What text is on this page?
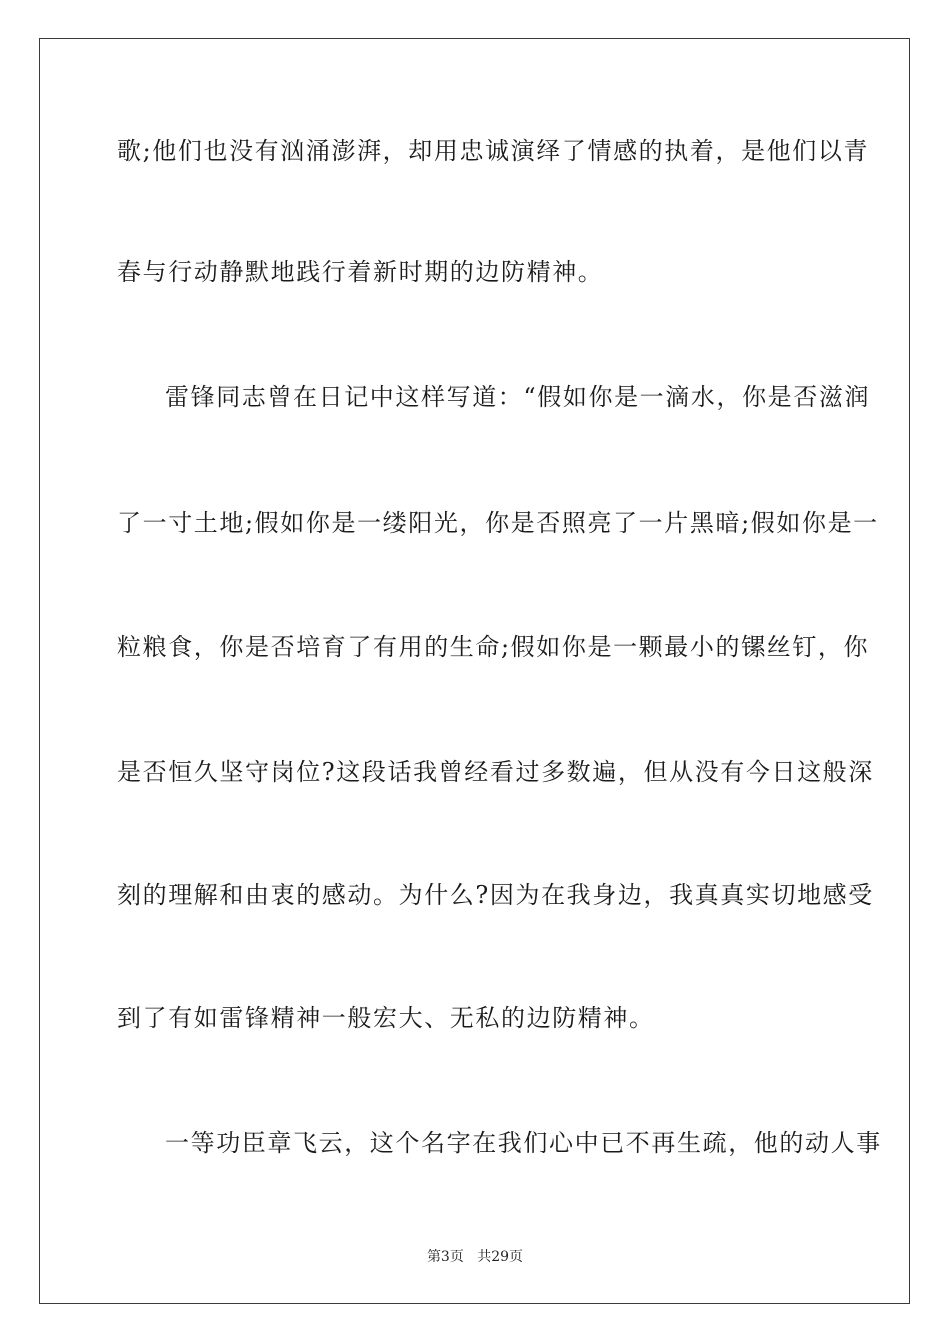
歌;他们也没有汹涌澎湃，却用忠诚演绎了情感的执着，是他们以青
春与行动静默地践行着新时期的边防精神。
雷锋同志曾在日记中这样写道：“假如你是一滴水，你是否滋润
了一寸土地;假如你是一缕阳光，你是否照亮了一片黑暗;假如你是一
粒粮食，你是否培育了有用的生命;假如你是一颗最小的镙丝钉，你
是否恒久坚守岗位?这段话我曾经看过多数遍，但从没有今日这般深
刻的理解和由衷的感动。为什么?因为在我身边，我真真实切地感受
到了有如雷锋精神一般宏大、无私的边防精神。
一等功臣章飞云，这个名字在我们心中已不再生疏，他的动人事
第3页 共29页
